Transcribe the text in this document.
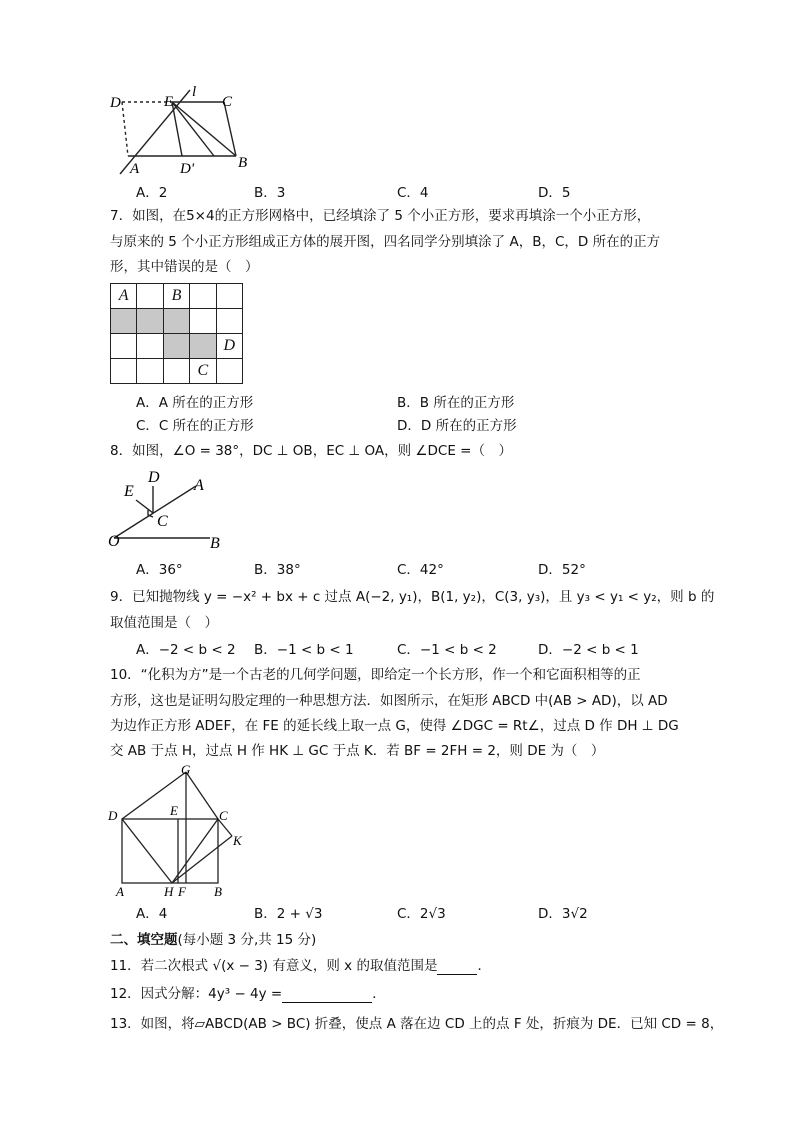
D	E
l
C
A	D'	B
A．2	B．3	C．4	D．5
7．如图，在5×4的正方形网格中，已经填涂了 5 个小正方形，要求再填涂一个小正方形，
与原来的 5 个小正方形组成正方体的展开图，四名同学分别填涂了 A，B，C，D 所在的正方
形，其中错误的是（　）
A		B		

				D
			C	
A．A 所在的正方形	B．B 所在的正方形
C．C 所在的正方形	D．D 所在的正方形
8．如图，∠O = 38°，DC ⊥ OB，EC ⊥ OA，则 ∠DCE =（　）
E
D A
C
O	B
A．36°	B．38°	C．42°	D．52°
9．已知抛物线 y = −x² + bx + c 过点 A(−2, y₁)，B(1, y₂)，C(3, y₃)，且 y₃ < y₁ < y₂，则 b 的
取值范围是（　）
A．−2 < b < 2 B．−1 < b < 1	C．−1 < b < 2	D．−2 < b < 1
10．“化积为方”是一个古老的几何学问题，即给定一个长方形，作一个和它面积相等的正
方形，这也是证明勾股定理的一种思想方法．如图所示，在矩形 ABCD 中(AB > AD)，以 AD
为边作正方形 ADEF，在 FE 的延长线上取一点 G，使得 ∠DGC = Rt∠，过点 D 作 DH ⊥ DG
交 AB 于点 H，过点 H 作 HK ⊥ GC 于点 K．若 BF = 2FH = 2，则 DE 为（　）
G
E
D	C
K
A	H F B
A．4	B．2 + √3	C．2√3	D．3√2
二、填空题(每小题 3 分,共 15 分)
11．若二次根式 √(x − 3) 有意义，则 x 的取值范围是	．
12．因式分解：4y³ − 4y =	．
13．如图，将▱ABCD(AB > BC) 折叠，使点 A 落在边 CD 上的点 F 处，折痕为 DE．已知 CD = 8，
